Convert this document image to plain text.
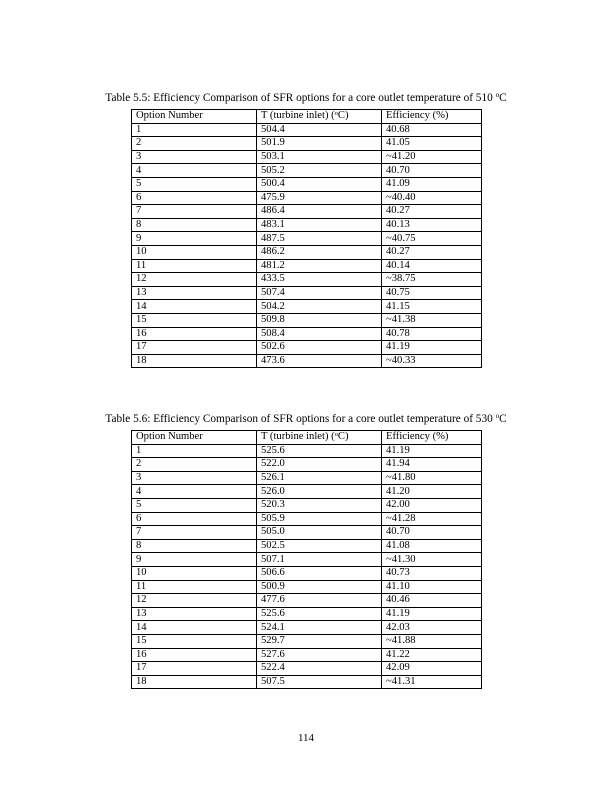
Table 5.5: Efficiency Comparison of SFR options for a core outlet temperature of 510 $^o$C
Option Number	T (turbine inlet) ($^o$C)	Efficiency (%)
1	504.4	40.68
2	501.9	41.05
3	503.1	~41.20
4	505.2	40.70
5	500.4	41.09
6	475.9	~40.40
7	486.4	40.27
8	483.1	40.13
9	487.5	~40.75
10	486.2	40.27
11	481.2	40.14
12	433.5	~38.75
13	507.4	40.75
14	504.2	41.15
15	509.8	~41.38
16	508.4	40.78
17	502.6	41.19
18	473.6	~40.33
Table 5.6: Efficiency Comparison of SFR options for a core outlet temperature of 530 $^o$C
Option Number	T (turbine inlet) ($^o$C)	Efficiency (%)
1	525.6	41.19
2	522.0	41.94
3	526.1	~41.80
4	526.0	41.20
5	520.3	42.00
6	505.9	~41.28
7	505.0	40.70
8	502.5	41.08
9	507.1	~41.30
10	506.6	40.73
11	500.9	41.10
12	477.6	40.46
13	525.6	41.19
14	524.1	42.03
15	529.7	~41.88
16	527.6	41.22
17	522.4	42.09
18	507.5	~41.31
114
